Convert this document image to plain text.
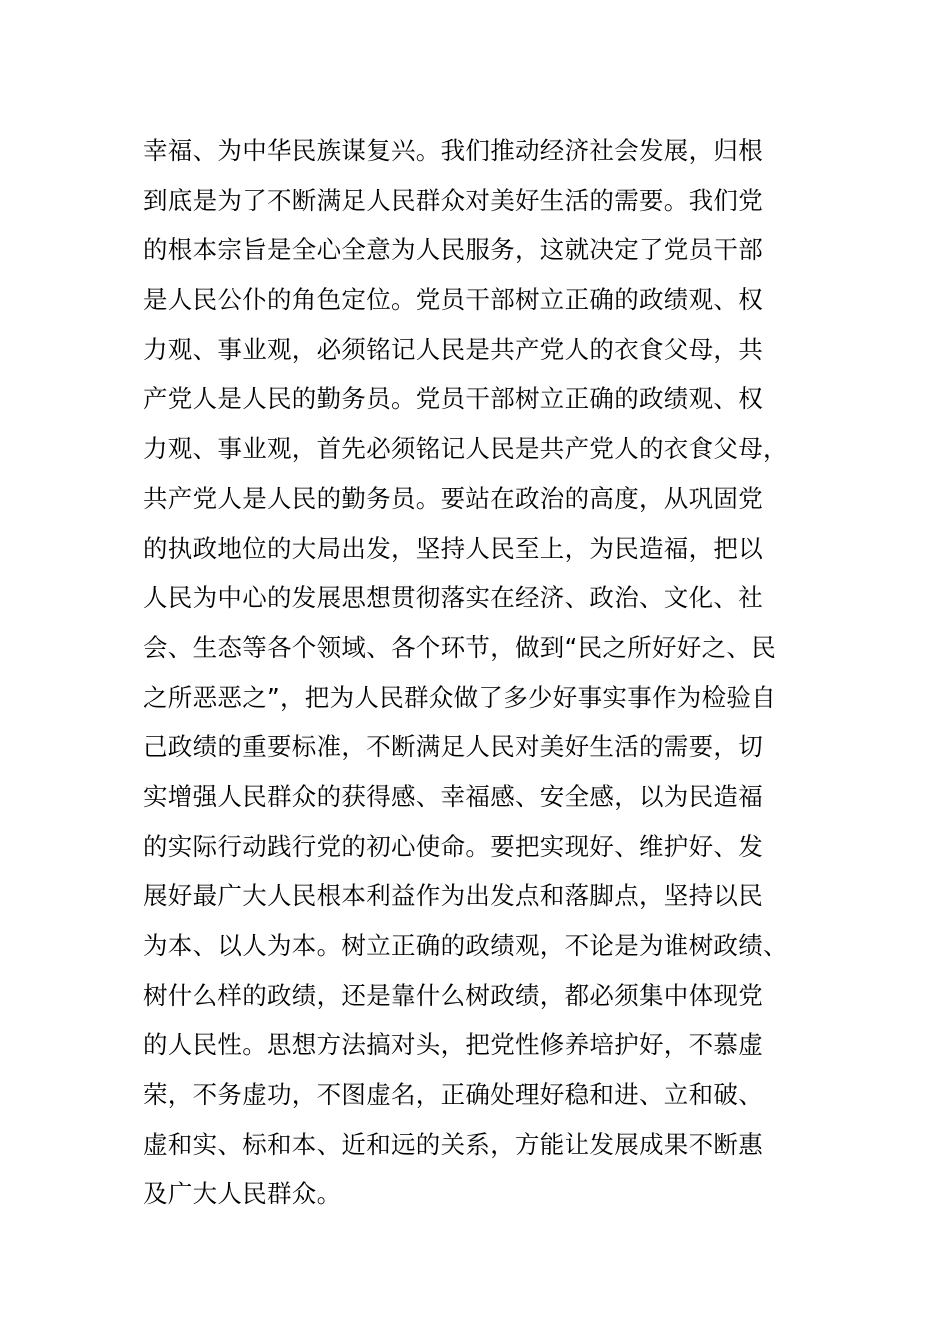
幸福、为中华民族谋复兴。我们推动经济社会发展，归根
到底是为了不断满足人民群众对美好生活的需要。我们党
的根本宗旨是全心全意为人民服务，这就决定了党员干部
是人民公仆的角色定位。党员干部树立正确的政绩观、权
力观、事业观，必须铭记人民是共产党人的衣食父母，共
产党人是人民的勤务员。党员干部树立正确的政绩观、权
力观、事业观，首先必须铭记人民是共产党人的衣食父母，
共产党人是人民的勤务员。要站在政治的高度，从巩固党
的执政地位的大局出发，坚持人民至上，为民造福，把以
人民为中心的发展思想贯彻落实在经济、政治、文化、社
会、生态等各个领域、各个环节，做到“民之所好好之、民
之所恶恶之”，把为人民群众做了多少好事实事作为检验自
己政绩的重要标准，不断满足人民对美好生活的需要，切
实增强人民群众的获得感、幸福感、安全感，以为民造福
的实际行动践行党的初心使命。要把实现好、维护好、发
展好最广大人民根本利益作为出发点和落脚点，坚持以民
为本、以人为本。树立正确的政绩观，不论是为谁树政绩、
树什么样的政绩，还是靠什么树政绩，都必须集中体现党
的人民性。思想方法搞对头，把党性修养培护好，不慕虚
荣，不务虚功，不图虚名，正确处理好稳和进、立和破、
虚和实、标和本、近和远的关系，方能让发展成果不断惠
及广大人民群众。
